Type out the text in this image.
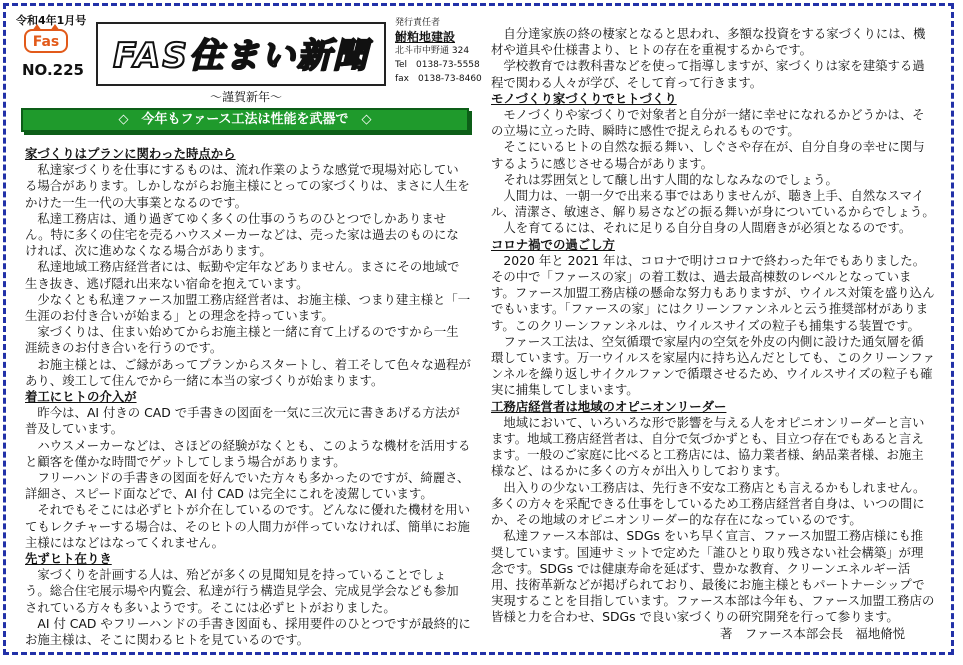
令和4年1月号
Fas
NO.225 FAS住まい新聞
～謹賀新年～
発行責任者
鮒粕地建設
北斗市中野通 324
Tel　0138-73-5558
fax　0138-73-8460
◇　今年もファース工法は性能を武器で　◇
家づくりはプランに関わった時点から

私達家づくりを仕事にするものは、流れ作業のような感覚で現場対応している場合があります。しかしながらお施主様にとっての家づくりは、まさに人生をかけた一生一代の大事業となるのです。

私達工務店は、通り過ぎてゆく多くの仕事のうちのひとつでしかありません。特に多くの住宅を売るハウスメーカーなどは、売った家は過去のものになければ、次に進めなくなる場合があります。

私達地域工務店経営者には、転勤や定年などありません。まさにその地域で生き抜き、逃げ隠れ出来ない宿命を抱えています。

少なくとも私達ファース加盟工務店経営者は、お施主様、つまり建主様と「一生涯のお付き合いが始まる」との理念を持っています。

家づくりは、住まい始めてからお施主様と一緒に育て上げるのですから一生涯続きのお付き合いを行うのです。

お施主様とは、ご縁があってプランからスタートし、着工そして色々な過程があり、竣工して住んでから一緒に本当の家づくりが始まります。

着工にヒトの介入が

昨今は、AI 付きの CAD で手書きの図面を一気に三次元に書きあげる方法が普及しています。

ハウスメーカーなどは、さほどの経験がなくとも、このような機材を活用すると顧客を僅かな時間でゲットしてしまう場合があります。

フリーハンドの手書きの図面を好んでいた方々も多かったのですが、綺麗さ、詳細さ、スピード面などで、AI 付 CAD は完全にこれを凌駕しています。

それでもそこには必ずヒトが介在しているのです。どんなに優れた機材を用いてもレクチャーする場合は、そのヒトの人間力が伴っていなければ、簡単にお施主様にはなどはなってくれません。

先ずヒト在りき

家づくりを計画する人は、殆どが多くの見聞知見を持っていることでしょう。総合住宅展示場や内覧会、私達が行う構造見学会、完成見学会なども参加されている方々も多いようです。そこには必ずヒトがおりました。

AI 付 CAD やフリーハンドの手書き図面も、採用要件のひとつですが最終的にお施主様は、そこに関わるヒトを見ているのです。

自分達家族の終の棲家となると思われ、多額な投資をする家づくりには、機材や道具や仕様書より、ヒトの存在を重視するからです。

学校教育では教科書などを使って指導しますが、家づくりは家を建築する過程で関わる人々が学び、そして育って行きます。

モノづくり家づくりでヒトづくり

モノづくりや家づくりで対象者と自分が一緒に幸せになれるかどうかは、その立場に立った時、瞬時に感性で捉えられるものです。

そこにいるヒトの自然な振る舞い、しぐさや存在が、自分自身の幸せに関与するように感じさせる場合があります。

それは雰囲気として醸し出す人間的なしなみなのでしょう。

人間力は、一朝一夕で出来る事ではありませんが、聴き上手、自然なスマイル、清潔さ、敏速さ、解り易さなどの振る舞いが身についているからでしょう。

人を育てるには、それに足りる自分自身の人間磨きが必須となるのです。

コロナ禍での過ごし方

2020 年と 2021 年は、コロナで明けコロナで終わった年でもありました。その中で「ファースの家」の着工数は、過去最高棟数のレベルとなっています。ファース加盟工務店様の懸命な努力もありますが、ウイルス対策を盛り込んでもいます。「ファースの家」にはクリーンファンネルと云う推奨部材があります。このクリーンファンネルは、ウイルスサイズの粒子も捕集する装置です。

ファース工法は、空気循環で家屋内の空気を外皮の内側に設けた通気層を循環しています。万一ウイルスを家屋内に持ち込んだとしても、このクリーンファンネルを繰り返しサイクルファンで循環させるため、ウイルスサイズの粒子も確実に捕集してしまいます。

工務店経営者は地域のオピニオンリーダー

地域において、いろいろな形で影響を与える人をオピニオンリーダーと言います。地域工務店経営者は、自分で気づかずとも、目立つ存在でもあると言えます。一般のご家庭に比べると工務店には、協力業者様、納品業者様、お施主様など、はるかに多くの方々が出入りしております。

出入りの少ない工務店は、先行き不安な工務店とも言えるかもしれません。多くの方々を采配できる仕事をしているため工務店経営者自身は、いつの間にか、その地域のオピニオンリーダー的な存在になっているのです。

私達ファース本部は、SDGs をいち早く宣言、ファース加盟工務店様にも推奨しています。国連サミットで定めた「誰ひとり取り残さない社会構築」が理念です。SDGs では健康寿命を延ばす、豊かな教育、クリーンエネルギー活用、技術革新などが掲げられており、最後にお施主様ともパートナーシップで実現することを目指しています。ファース本部は今年も、ファース加盟工務店の皆様と力を合わせ、SDGs で良い家づくりの研究開発を行って参ります。

著　ファース本部会長　福地脩悦
